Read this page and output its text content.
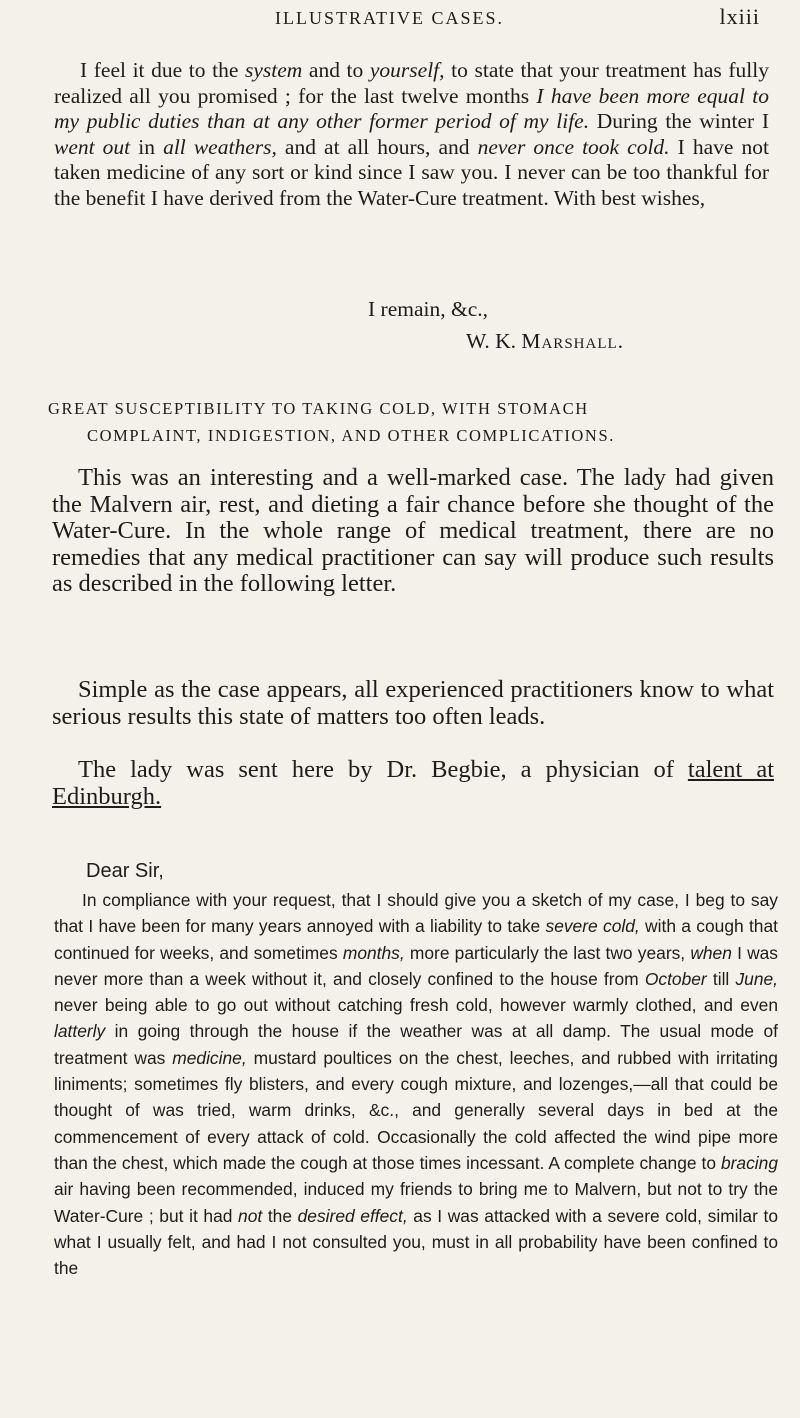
ILLUSTRATIVE CASES.	lxiii
I feel it due to the system and to yourself, to state that your treatment has fully realized all you promised ; for the last twelve months I have been more equal to my public duties than at any other former period of my life. During the winter I went out in all weathers, and at all hours, and never once took cold. I have not taken medicine of any sort or kind since I saw you. I never can be too thankful for the benefit I have derived from the Water-Cure treatment. With best wishes,
I remain, &c.,
W. K. Marshall.
GREAT SUSCEPTIBILITY TO TAKING COLD, WITH STOMACH
COMPLAINT, INDIGESTION, AND OTHER COMPLICATIONS.
This was an interesting and a well-marked case. The lady had given the Malvern air, rest, and dieting a fair chance before she thought of the Water-Cure. In the whole range of medical treatment, there are no remedies that any medical practitioner can say will produce such results as described in the following letter.
Simple as the case appears, all experienced practitioners know to what serious results this state of matters too often leads.
The lady was sent here by Dr. Begbie, a physician of talent at Edinburgh.
Dear Sir,
In compliance with your request, that I should give you a sketch of my case, I beg to say that I have been for many years annoyed with a liability to take severe cold, with a cough that continued for weeks, and sometimes months, more particularly the last two years, when I was never more than a week without it, and closely confined to the house from October till June, never being able to go out without catching fresh cold, however warmly clothed, and even latterly in going through the house if the weather was at all damp. The usual mode of treatment was medicine, mustard poultices on the chest, leeches, and rubbed with irritating liniments; sometimes fly blisters, and every cough mixture, and lozenges,—all that could be thought of was tried, warm drinks, &c., and generally several days in bed at the commencement of every attack of cold. Occasionally the cold affected the wind pipe more than the chest, which made the cough at those times incessant. A complete change to bracing air having been recommended, induced my friends to bring me to Malvern, but not to try the Water-Cure ; but it had not the desired effect, as I was attacked with a severe cold, similar to what I usually felt, and had I not consulted you, must in all probability have been confined to the
